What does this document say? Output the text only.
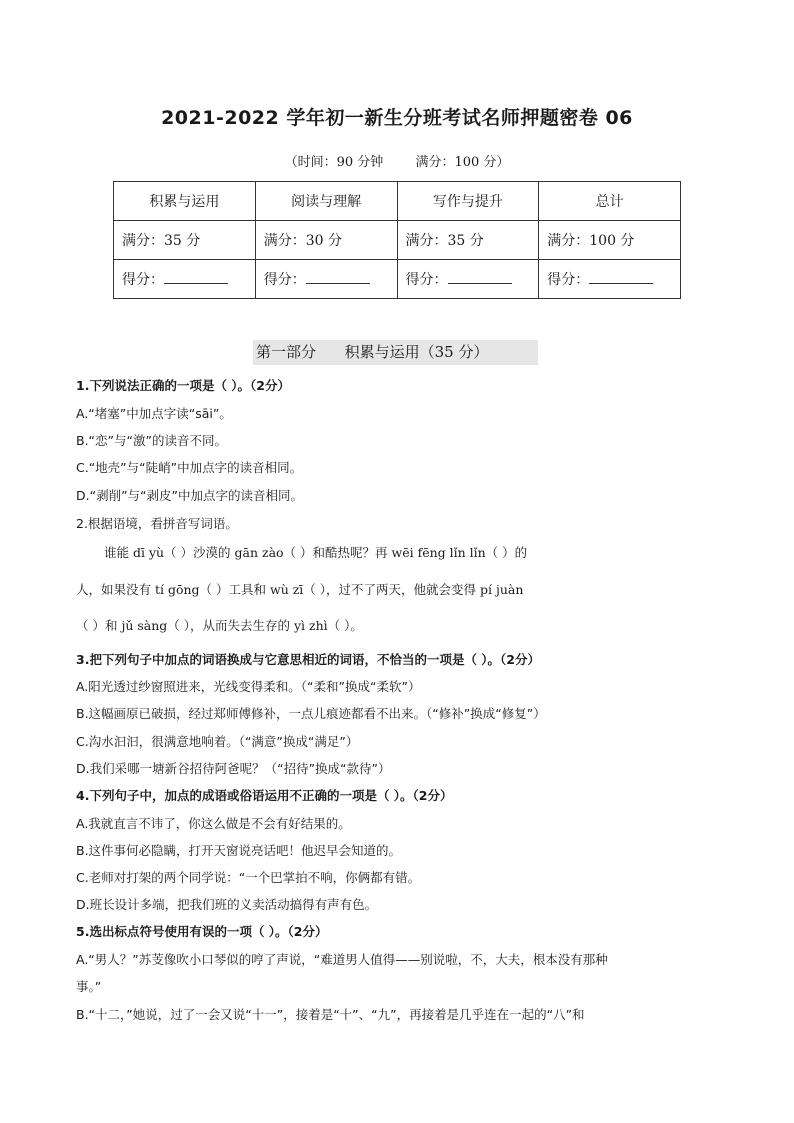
2021-2022 学年初一新生分班考试名师押题密卷 06
（时间：90 分钟 满分：100 分）
积累与运用	阅读与理解	写作与提升	总计
满分：35 分	满分：30 分	满分：35 分	满分：100 分
得分：	得分：	得分：	得分：
第一部分      积累与运用（35 分）
1.下列说法正确的一项是（ ）。（2分）
A.“堵塞”中加点字读“sāi”。
B.“恋”与“激”的读音不同。
C.“地壳”与“陡峭”中加点字的读音相同。
D.“剥削”与“剥皮”中加点字的读音相同。
2.根据语境，看拼音写词语。
谁能 dī yù（ ）沙漠的 gān zào（ ）和酷热呢？再 wēi fēng lǐn lǐn（ ）的
人，如果没有 tí gōng（ ）工具和 wù zī（ ），过不了两天，他就会变得 pí juàn
（ ）和 jǔ sàng（ ），从而失去生存的 yì zhì（ ）。
3.把下列句子中加点的词语换成与它意思相近的词语，不恰当的一项是（ ）。（2分）
A.阳光透过纱窗照进来，光线变得柔和。（“柔和”换成“柔软”）
B.这幅画原已破损，经过郑师傅修补，一点儿痕迹都看不出来。（“修补”换成“修复”）
C.沟水汩汩，很满意地响着。（“满意”换成“满足”）
D.我们采哪一塘新谷招待阿爸呢？（“招待”换成“款待”）
4.下列句子中，加点的成语或俗语运用不正确的一项是（ ）。（2分）
A.我就直言不讳了，你这么做是不会有好结果的。
B.这件事何必隐瞒，打开天窗说亮话吧！他迟早会知道的。
C.老师对打架的两个同学说：“一个巴掌拍不响，你俩都有错。
D.班长设计多端，把我们班的义卖活动搞得有声有色。
5.选出标点符号使用有误的一项（ ）。（2分）
A.“男人？”苏芰像吹小口琴似的哼了声说，“难道男人值得——别说啦，不，大夫，根本没有那种
事。”
B.“十二，”她说，过了一会又说“十一”，接着是“十”、“九”，再接着是几乎连在一起的“八”和
